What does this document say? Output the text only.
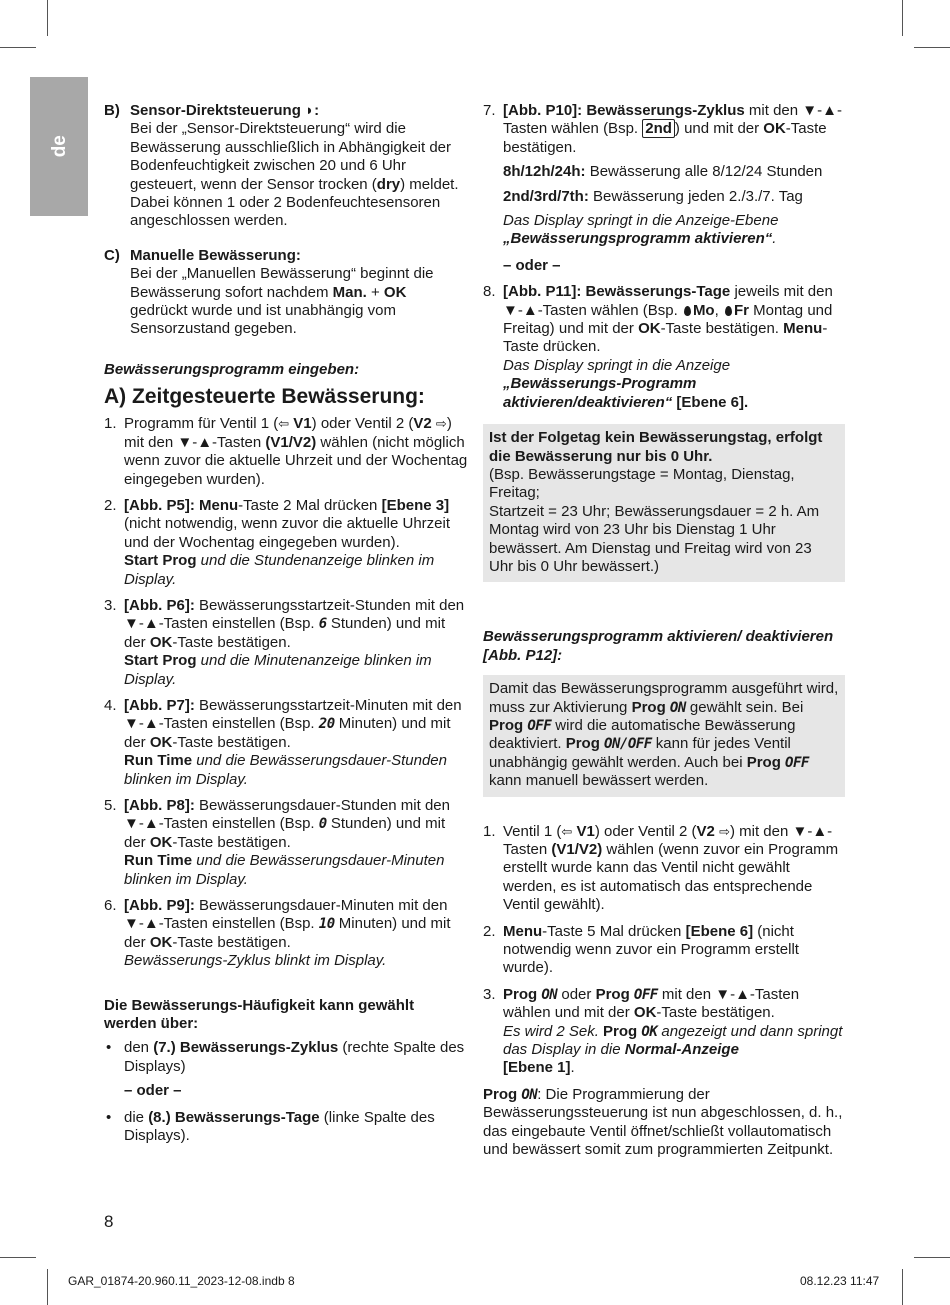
de
B) Sensor-Direktsteuerung ◗:
Bei der „Sensor-Direktsteuerung“ wird die Bewässerung ausschließlich in Abhängigkeit der Bodenfeuchtigkeit zwischen 20 und 6 Uhr gesteuert, wenn der Sensor trocken (dry) meldet. Dabei können 1 oder 2 Bodenfeuchtesensoren angeschlossen werden.
C) Manuelle Bewässerung:
Bei der „Manuellen Bewässerung“ beginnt die Bewässerung sofort nachdem Man. + OK gedrückt wurde und ist unabhängig vom Sensorzustand gegeben.
Bewässerungsprogramm eingeben:
A) Zeitgesteuerte Bewässerung:
1. Programm für Ventil 1 (⇦ V1) oder Ventil 2 (V2 ⇨) mit den ▼-▲-Tasten (V1/V2) wählen (nicht möglich wenn zuvor die aktuelle Uhrzeit und der Wochentag eingegeben wurden).
2. [Abb. P5]: Menu-Taste 2 Mal drücken [Ebene 3] (nicht notwendig, wenn zuvor die aktuelle Uhrzeit und der Wochentag eingegeben wurden).
Start Prog und die Stundenanzeige blinken im Display.
3. [Abb. P6]: Bewässerungsstartzeit-Stunden mit den ▼-▲-Tasten einstellen (Bsp. 6 Stunden) und mit der OK-Taste bestätigen.
Start Prog und die Minutenanzeige blinken im Display.
4. [Abb. P7]: Bewässerungsstartzeit-Minuten mit den ▼-▲-Tasten einstellen (Bsp. 20 Minuten) und mit der OK-Taste bestätigen.
Run Time und die Bewässerungsdauer-Stunden blinken im Display.
5. [Abb. P8]: Bewässerungsdauer-Stunden mit den ▼-▲-Tasten einstellen (Bsp. 0 Stunden) und mit der OK-Taste bestätigen.
Run Time und die Bewässerungsdauer-Minuten blinken im Display.
6. [Abb. P9]: Bewässerungsdauer-Minuten mit den ▼-▲-Tasten einstellen (Bsp. 10 Minuten) und mit der OK-Taste bestätigen.
Bewässerungs-Zyklus blinkt im Display.
Die Bewässerungs-Häufigkeit kann gewählt werden über:
• den (7.) Bewässerungs-Zyklus (rechte Spalte des Displays)
– oder –
• die (8.) Bewässerungs-Tage (linke Spalte des Displays).
7. [Abb. P10]: Bewässerungs-Zyklus mit den ▼-▲-Tasten wählen (Bsp. 2nd ) und mit der OK-Taste bestätigen.
8h/12h/24h: Bewässerung alle 8/12/24 Stunden
2nd/3rd/7th: Bewässerung jeden 2./3./7. Tag
Das Display springt in die Anzeige-Ebene „Bewässerungsprogramm aktivieren“.
– oder –
8. [Abb. P11]: Bewässerungs-Tage jeweils mit den ▼-▲-Tasten wählen (Bsp. Mo, Fr Montag und Freitag) und mit der OK-Taste bestätigen. Menu-Taste drücken.
Das Display springt in die Anzeige „Bewässerungs-Programm aktivieren/deaktivieren“ [Ebene 6].
Ist der Folgetag kein Bewässerungstag, erfolgt die Bewässerung nur bis 0 Uhr.
(Bsp. Bewässerungstage = Montag, Dienstag, Freitag;
Startzeit = 23 Uhr; Bewässerungsdauer = 2 h. Am Montag wird von 23 Uhr bis Dienstag 1 Uhr bewässert. Am Dienstag und Freitag wird von 23 Uhr bis 0 Uhr bewässert.)
Bewässerungsprogramm aktivieren/ deaktivieren [Abb. P12]:
Damit das Bewässerungsprogramm ausgeführt wird, muss zur Aktivierung Prog ON gewählt sein. Bei Prog OFF wird die automatische Bewässerung deaktiviert. Prog ON/OFF kann für jedes Ventil unabhängig gewählt werden. Auch bei Prog OFF kann manuell bewässert werden.
1. Ventil 1 (⇦ V1) oder Ventil 2 (V2 ⇨) mit den ▼-▲-Tasten (V1/V2) wählen (wenn zuvor ein Programm erstellt wurde kann das Ventil nicht gewählt werden, es ist automatisch das entsprechende Ventil gewählt).
2. Menu-Taste 5 Mal drücken [Ebene 6] (nicht notwendig wenn zuvor ein Programm erstellt wurde).
3. Prog ON oder Prog OFF mit den ▼-▲-Tasten wählen und mit der OK-Taste bestätigen.
Es wird 2 Sek. Prog OK angezeigt und dann springt das Display in die Normal-Anzeige
[Ebene 1].
Prog ON: Die Programmierung der Bewässerungssteuerung ist nun abgeschlossen, d. h., das eingebaute Ventil öffnet/schließt vollautomatisch und bewässert somit zum programmierten Zeitpunkt.
8
GAR_01874-20.960.11_2023-12-08.indb 8	08.12.23 11:47
